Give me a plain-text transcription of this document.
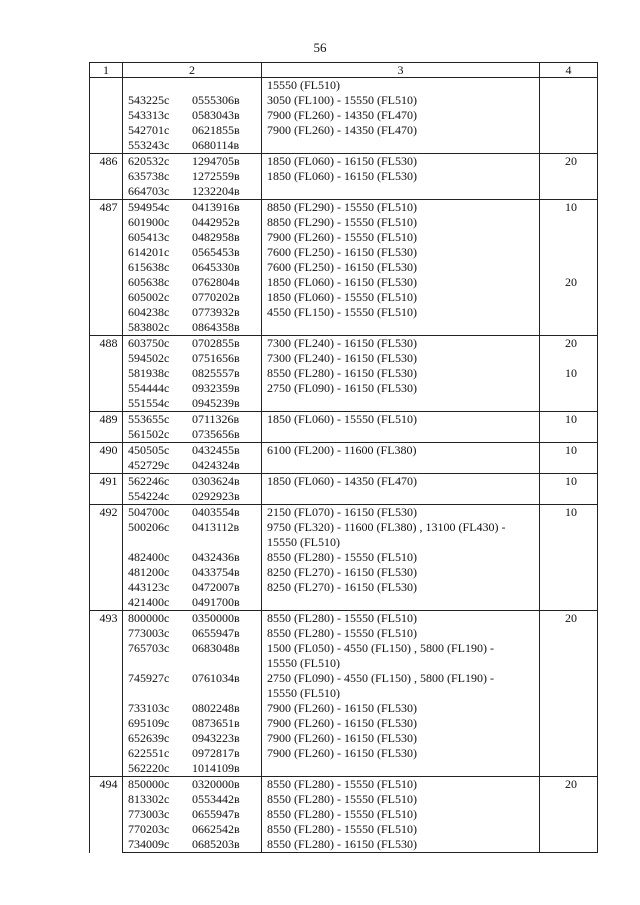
56
1	2	3	4
		15550 (FL510)	
	543225с 0555306в	3050 (FL100) - 15550 (FL510)	
	543313с 0583043в	7900 (FL260) - 14350 (FL470)	
	542701с 0621855в	7900 (FL260) - 14350 (FL470)	
	553243с 0680114в		
486	620532с 1294705в	1850 (FL060) - 16150 (FL530)	20
	635738с 1272559в	1850 (FL060) - 16150 (FL530)	
	664703с 1232204в		
487	594954с 0413916в	8850 (FL290) - 15550 (FL510)	10
	601900с 0442952в	8850 (FL290) - 15550 (FL510)	
	605413с 0482958в	7900 (FL260) - 15550 (FL510)	
	614201с 0565453в	7600 (FL250) - 16150 (FL530)	
	615638с 0645330в	7600 (FL250) - 16150 (FL530)	
	605638с 0762804в	1850 (FL060) - 16150 (FL530)	20
	605002с 0770202в	1850 (FL060) - 15550 (FL510)	
	604238с 0773932в	4550 (FL150) - 15550 (FL510)	
	583802с 0864358в		
488	603750с 0702855в	7300 (FL240) - 16150 (FL530)	20
	594502с 0751656в	7300 (FL240) - 16150 (FL530)	
	581938с 0825557в	8550 (FL280) - 16150 (FL530)	10
	554444с 0932359в	2750 (FL090) - 16150 (FL530)	
	551554с 0945239в		
489	553655с 0711326в	1850 (FL060) - 15550 (FL510)	10
	561502с 0735656в		
490	450505с 0432455в	6100 (FL200) - 11600 (FL380)	10
	452729с 0424324в		
491	562246с 0303624в	1850 (FL060) - 14350 (FL470)	10
	554224с 0292923в		
492	504700с 0403554в	2150 (FL070) - 16150 (FL530)	10
	500206с 0413112в	9750 (FL320) - 11600 (FL380) , 13100 (FL430) -	
		15550 (FL510)	
	482400с 0432436в	8550 (FL280) - 15550 (FL510)	
	481200с 0433754в	8250 (FL270) - 16150 (FL530)	
	443123с 0472007в	8250 (FL270) - 16150 (FL530)	
	421400с 0491700в		
493	800000с 0350000в	8550 (FL280) - 15550 (FL510)	20
	773003с 0655947в	8550 (FL280) - 15550 (FL510)	
	765703с 0683048в	1500 (FL050) - 4550 (FL150) , 5800 (FL190) -	
		15550 (FL510)	
	745927с 0761034в	2750 (FL090) - 4550 (FL150) , 5800 (FL190) -	
		15550 (FL510)	
	733103с 0802248в	7900 (FL260) - 16150 (FL530)	
	695109с 0873651в	7900 (FL260) - 16150 (FL530)	
	652639с 0943223в	7900 (FL260) - 16150 (FL530)	
	622551с 0972817в	7900 (FL260) - 16150 (FL530)	
	562220с 1014109в		
494	850000с 0320000в	8550 (FL280) - 15550 (FL510)	20
	813302с 0553442в	8550 (FL280) - 15550 (FL510)	
	773003с 0655947в	8550 (FL280) - 15550 (FL510)	
	770203с 0662542в	8550 (FL280) - 15550 (FL510)	
	734009с 0685203в	8550 (FL280) - 16150 (FL530)	
